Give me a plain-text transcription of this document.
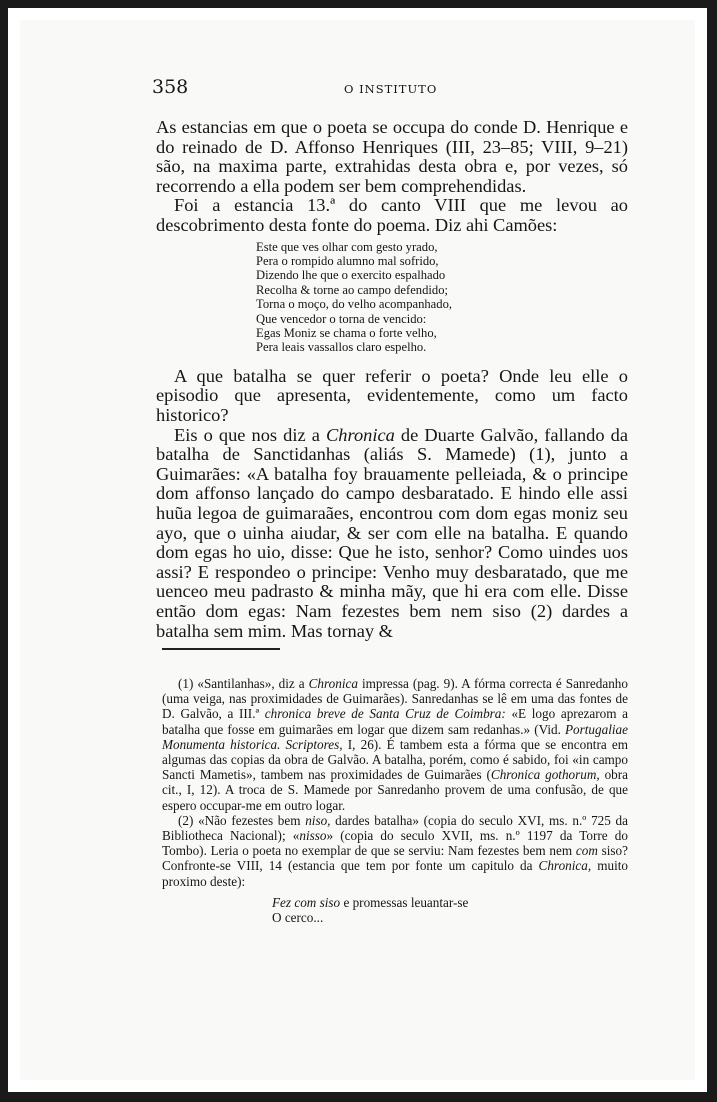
358	O INSTITUTO

As estancias em que o poeta se occupa do conde D. Henrique e do reinado de D. Affonso Henriques (III, 23–85; VIII, 9–21) são, na maxima parte, extrahidas desta obra e, por vezes, só recorrendo a ella podem ser bem comprehendidas.

Foi a estancia 13.ª do canto VIII que me levou ao descobrimento desta fonte do poema. Diz ahi Camões:

Este que ves olhar com gesto yrado,
Pera o rompido alumno mal sofrido,
Dizendo lhe que o exercito espalhado
Recolha & torne ao campo defendido;
Torna o moço, do velho acompanhado,
Que vencedor o torna de vencido:
Egas Moniz se chama o forte velho,
Pera leais vassallos claro espelho.

A que batalha se quer referir o poeta? Onde leu elle o episodio que apresenta, evidentemente, como um facto historico?

Eis o que nos diz a Chronica de Duarte Galvão, fallando da batalha de Sanctidanhas (aliás S. Mamede) (1), junto a Guimarães: «A batalha foy brauamente pelleiada, & o principe dom affonso lançado do campo desbaratado. E hindo elle assi huũa legoa de guimaraães, encontrou com dom egas moniz seu ayo, que o uinha aiudar, & ser com elle na batalha. E quando dom egas ho uio, disse: Que he isto, senhor? Como uindes uos assi? E respondeo o principe: Venho muy desbaratado, que me uenceo meu padrasto & minha mãy, que hi era com elle. Disse então dom egas: Nam fezestes bem nem siso (2) dardes a batalha sem mim. Mas tornay &

(1) «Santilanhas», diz a Chronica impressa (pag. 9). A fórma correcta é Sanredanho (uma veiga, nas proximidades de Guimarães). Sanredanhas se lê em uma das fontes de D. Galvão, a III.ª chronica breve de Santa Cruz de Coimbra: «E logo aprezarom a batalha que fosse em guimarães em logar que dizem sam redanhas.» (Vid. Portugaliae Monumenta historica. Scriptores, I, 26). É tambem esta a fórma que se encontra em algumas das copias da obra de Galvão. A batalha, porém, como é sabido, foi «in campo Sancti Mametis», tambem nas proximidades de Guimarães (Chronica gothorum, obra cit., I, 12). A troca de S. Mamede por Sanredanho provem de uma confusão, de que espero occupar-me em outro logar.

(2) «Não fezestes bem niso, dardes batalha» (copia do seculo XVI, ms. n.º 725 da Bibliotheca Nacional); «nisso» (copia do seculo XVII, ms. n.º 1197 da Torre do Tombo). Leria o poeta no exemplar de que se serviu: Nam fezestes bem nem com siso? Confronte-se VIII, 14 (estancia que tem por fonte um capitulo da Chronica, muito proximo deste):

Fez com siso e promessas leuantar-se
O cerco...
